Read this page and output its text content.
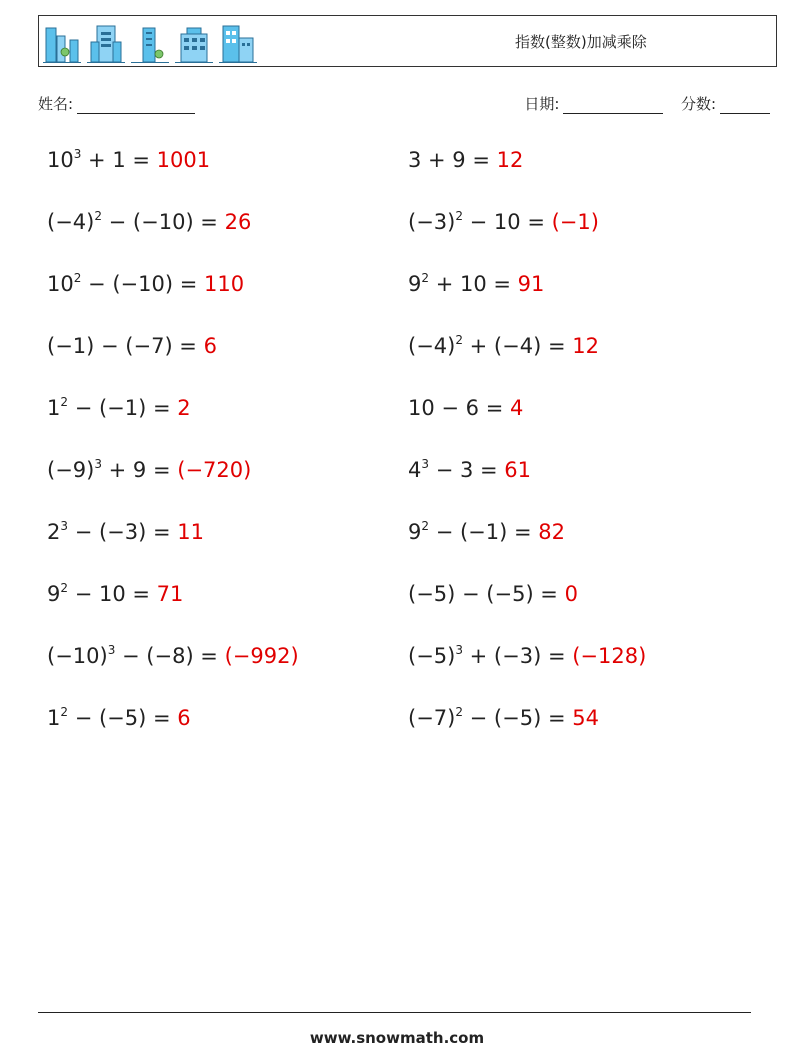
指数(整数)加减乘除
姓名:	日期:	分数:
$10^3 + 1 = 1001$
$(-4)^2 - (-10) = 26$
$10^2 - (-10) = 110$
(−1) − (−7) = 6
$1^2 - (-1) = 2$
$(-9)^3 + 9 = (-720)$
$2^3 - (-3) = 11$
$9^2 - 10 = 71$
$(-10)^3 - (-8) = (-992)$
$1^2 - (-5) = 6$
3 + 9 = 12
$(-3)^2 - 10 = (-1)$
$9^2 + 10 = 91$
$(-4)^2 + (-4) = 12$
10 − 6 = 4
$4^3 - 3 = 61$
$9^2 - (-1) = 82$
(−5) − (−5) = 0
$(-5)^3 + (-3) = (-128)$
$(-7)^2 - (-5) = 54$
www.snowmath.com
